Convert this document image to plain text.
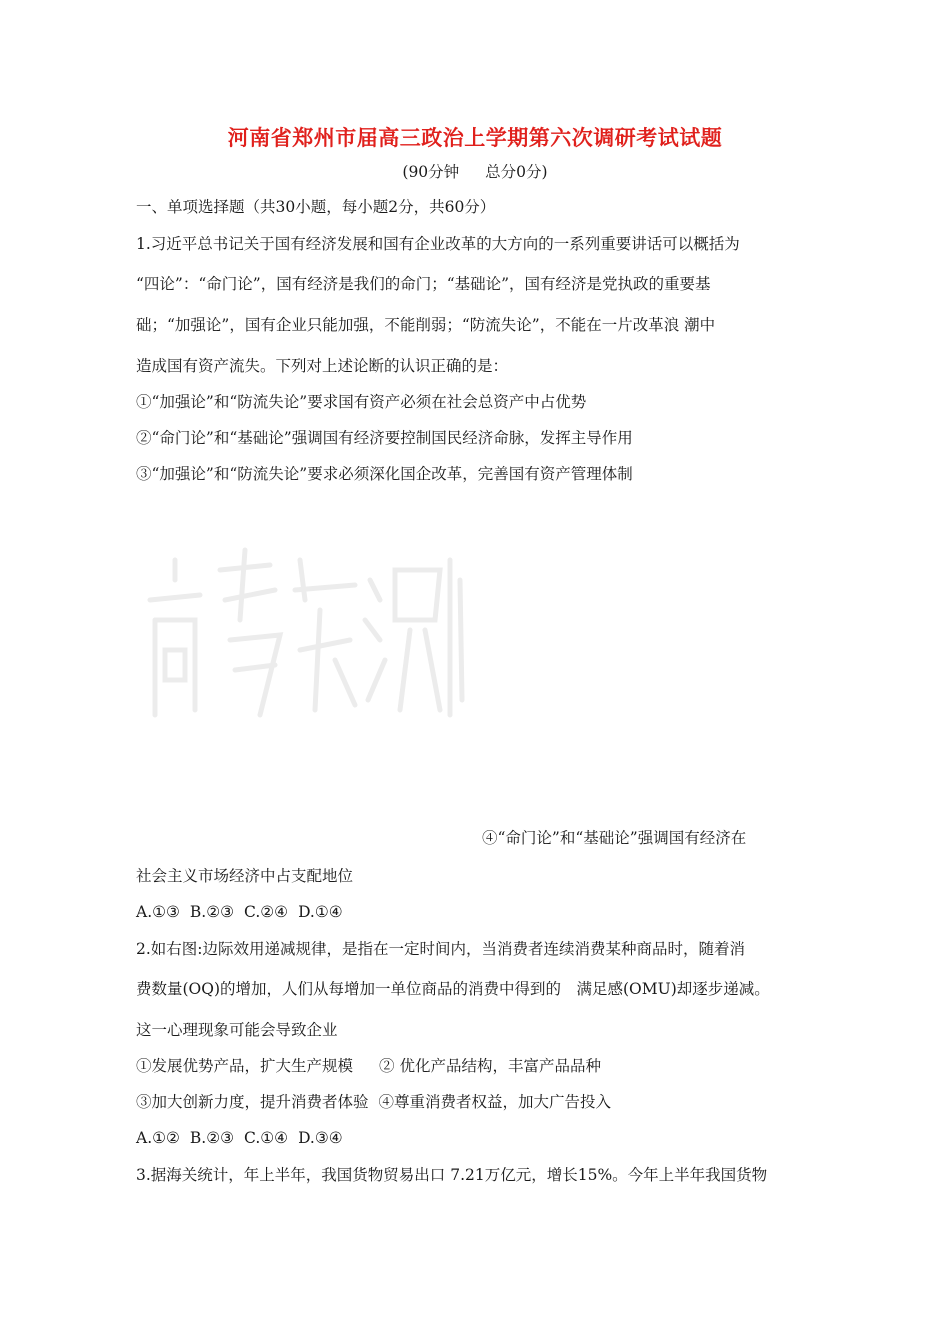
河南省郑州市届高三政治上学期第六次调研考试试题
(90分钟 总分0分)
一、单项选择题（共30小题，每小题2分，共60分）
1.习近平总书记关于国有经济发展和国有企业改革的大方向的一系列重要讲话可以概括为
“四论”：“命门论”，国有经济是我们的命门；“基础论”，国有经济是党执政的重要基
础；“加强论”，国有企业只能加强，不能削弱；“防流失论”，不能在一片改革浪 潮中
造成国有资产流失。下列对上述论断的认识正确的是：
①“加强论”和“防流失论”要求国有资产必须在社会总资产中占优势
②“命门论”和“基础论”强调国有经济要控制国民经济命脉，发挥主导作用
③“加强论”和“防流失论”要求必须深化国企改革，完善国有资产管理体制
④“命门论”和“基础论”强调国有经济在
社会主义市场经济中占支配地位
A.①③ B.②③ C.②④ D.①④
2.如右图:边际效用递减规律，是指在一定时间内，当消费者连续消费某种商品时，随着消
费数量(OQ)的增加，人们从每增加一单位商品的消费中得到的　满足感(OMU)却逐步递减。
这一心理现象可能会导致企业
①发展优势产品，扩大生产规模 ② 优化产品结构，丰富产品品种
③加大创新力度，提升消费者体验 ④尊重消费者权益，加大广告投入
A.①② B.②③ C.①④ D.③④
3.据海关统计，年上半年，我国货物贸易出口 7.21万亿元，增长15%。今年上半年我国货物
